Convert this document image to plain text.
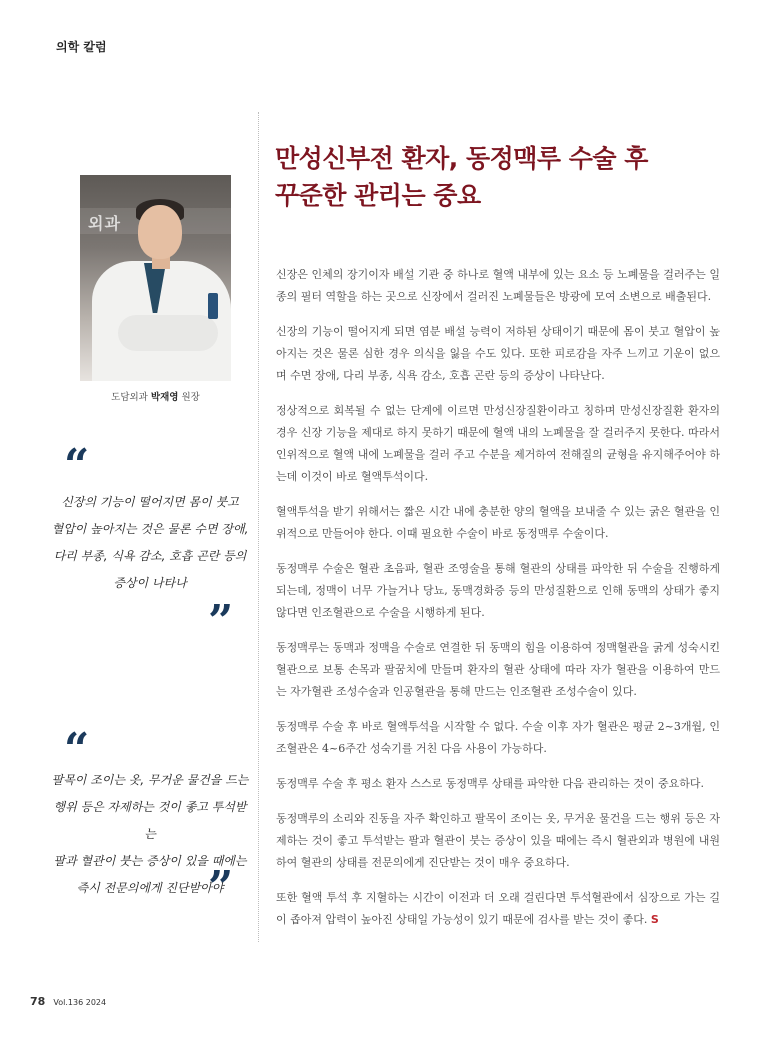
의학 칼럼
외과
도담외과 박재영 원장
“

신장의 기능이 떨어지면 몸이 붓고
혈압이 높아지는 것은 물론 수면 장애,
다리 부종, 식욕 감소, 호흡 곤란 등의
증상이 나타나

”
“

팔목이 조이는 옷, 무거운 물건을 드는
행위 등은 자제하는 것이 좋고 투석받는
팔과 혈관이 붓는 증상이 있을 때에는
즉시 전문의에게 진단받아야

”
만성신부전 환자, 동정맥루 수술 후
꾸준한 관리는 중요

신장은 인체의 장기이자 배설 기관 중 하나로 혈액 내부에 있는 요소 등 노폐물을 걸러주는 일종의 필터 역할을 하는 곳으로 신장에서 걸러진 노폐물들은 방광에 모여 소변으로 배출된다.

신장의 기능이 떨어지게 되면 염분 배설 능력이 저하된 상태이기 때문에 몸이 붓고 혈압이 높아지는 것은 물론 심한 경우 의식을 잃을 수도 있다. 또한 피로감을 자주 느끼고 기운이 없으며 수면 장애, 다리 부종, 식욕 감소, 호흡 곤란 등의 증상이 나타난다.

정상적으로 회복될 수 없는 단계에 이르면 만성신장질환이라고 칭하며 만성신장질환 환자의 경우 신장 기능을 제대로 하지 못하기 때문에 혈액 내의 노폐물을 잘 걸러주지 못한다. 따라서 인위적으로 혈액 내에 노폐물을 걸러 주고 수분을 제거하여 전해질의 균형을 유지해주어야 하는데 이것이 바로 혈액투석이다.

혈액투석을 받기 위해서는 짧은 시간 내에 충분한 양의 혈액을 보내줄 수 있는 굵은 혈관을 인위적으로 만들어야 한다. 이때 필요한 수술이 바로 동정맥루 수술이다.

동정맥루 수술은 혈관 초음파, 혈관 조영술을 통해 혈관의 상태를 파악한 뒤 수술을 진행하게 되는데, 정맥이 너무 가늘거나 당뇨, 동맥경화증 등의 만성질환으로 인해 동맥의 상태가 좋지 않다면 인조혈관으로 수술을 시행하게 된다.

동정맥루는 동맥과 정맥을 수술로 연결한 뒤 동맥의 힘을 이용하여 정맥혈관을 굵게 성숙시킨 혈관으로 보통 손목과 팔꿈치에 만들며 환자의 혈관 상태에 따라 자가 혈관을 이용하여 만드는 자가혈관 조성수술과 인공혈관을 통해 만드는 인조혈관 조성수술이 있다.

동정맥루 수술 후 바로 혈액투석을 시작할 수 없다. 수술 이후 자가 혈관은 평균 2~3개월, 인조혈관은 4~6주간 성숙기를 거친 다음 사용이 가능하다.

동정맥루 수술 후 평소 환자 스스로 동정맥루 상태를 파악한 다음 관리하는 것이 중요하다.

동정맥루의 소리와 진동을 자주 확인하고 팔목이 조이는 옷, 무거운 물건을 드는 행위 등은 자제하는 것이 좋고 투석받는 팔과 혈관이 붓는 증상이 있을 때에는 즉시 혈관외과 병원에 내원하여 혈관의 상태를 전문의에게 진단받는 것이 매우 중요하다.

또한 혈액 투석 후 지혈하는 시간이 이전과 더 오래 걸린다면 투석혈관에서 심장으로 가는 길이 좁아져 압력이 높아진 상태일 가능성이 있기 때문에 검사를 받는 것이 좋다. S

78 Vol.136 2024
